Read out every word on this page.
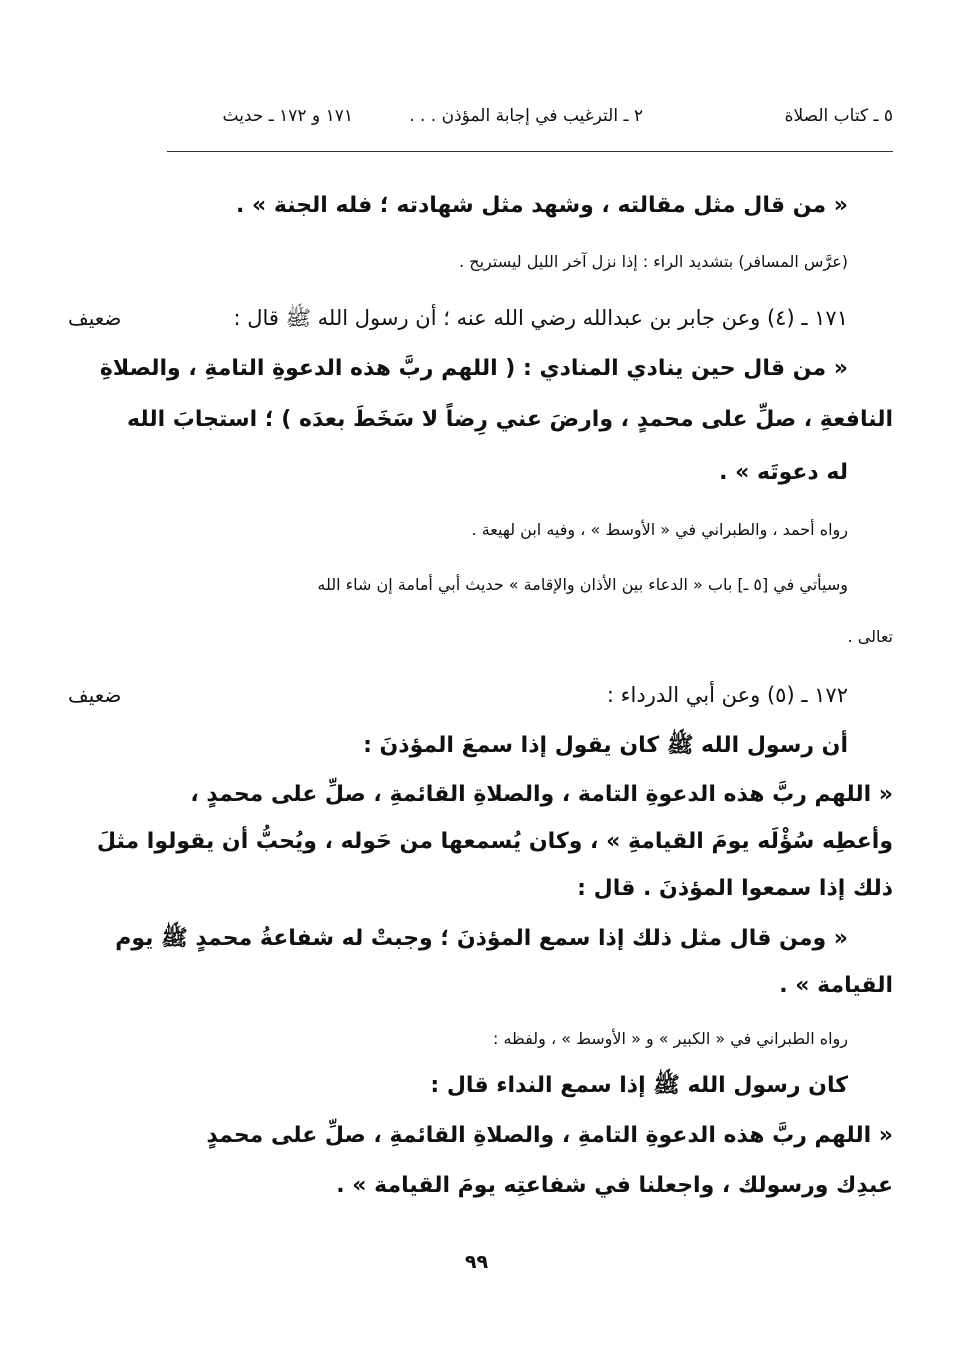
٥ ـ كتاب الصلاة
٢ ـ الترغيب في إجابة المؤذن . . .
١٧١ و ١٧٢ ـ حديث
« من قال مثل مقالته ، وشهد مثل شهادته ؛ فله الجنة » .
(عرَّس المسافر) بتشديد الراء : إذا نزل آخر الليل ليستريح .
١٧١ ـ (٤) وعن جابر بن عبدالله رضي الله عنه ؛ أن رسول الله ﷺ قال :
« من قال حين ينادي المنادي : ( اللهم ربَّ هذه الدعوةِ التامةِ ، والصلاةِ
النافعةِ ، صلِّ على محمدٍ ، وارضَ عني رِضاً لا سَخَطَ بعدَه ) ؛ استجابَ الله
له دعوتَه » .
رواه أحمد ، والطبراني في « الأوسط » ، وفيه ابن لهيعة .
وسيأتي في [٥ ـ] باب « الدعاء بين الأذان والإقامة » حديث أبي أمامة إن شاء الله
تعالى .
١٧٢ ـ (٥) وعن أبي الدرداء :
أن رسول الله ﷺ كان يقول إذا سمعَ المؤذنَ :
« اللهم ربَّ هذه الدعوةِ التامة ، والصلاةِ القائمةِ ، صلِّ على محمدٍ ،
وأعطِه سُؤْلَه يومَ القيامةِ » ، وكان يُسمعها من حَوله ، ويُحبُّ أن يقولوا مثلَ
ذلك إذا سمعوا المؤذنَ . قال :
« ومن قال مثل ذلك إذا سمع المؤذنَ ؛ وجبتْ له شفاعةُ محمدٍ ﷺ يوم
القيامة » .
رواه الطبراني في « الكبير » و « الأوسط » ، ولفظه :
كان رسول الله ﷺ إذا سمع النداء قال :
« اللهم ربَّ هذه الدعوةِ التامةِ ، والصلاةِ القائمةِ ، صلِّ على محمدٍ
عبدِك ورسولك ، واجعلنا في شفاعتِه يومَ القيامة » .
ضعيف
ضعيف
٩٩
